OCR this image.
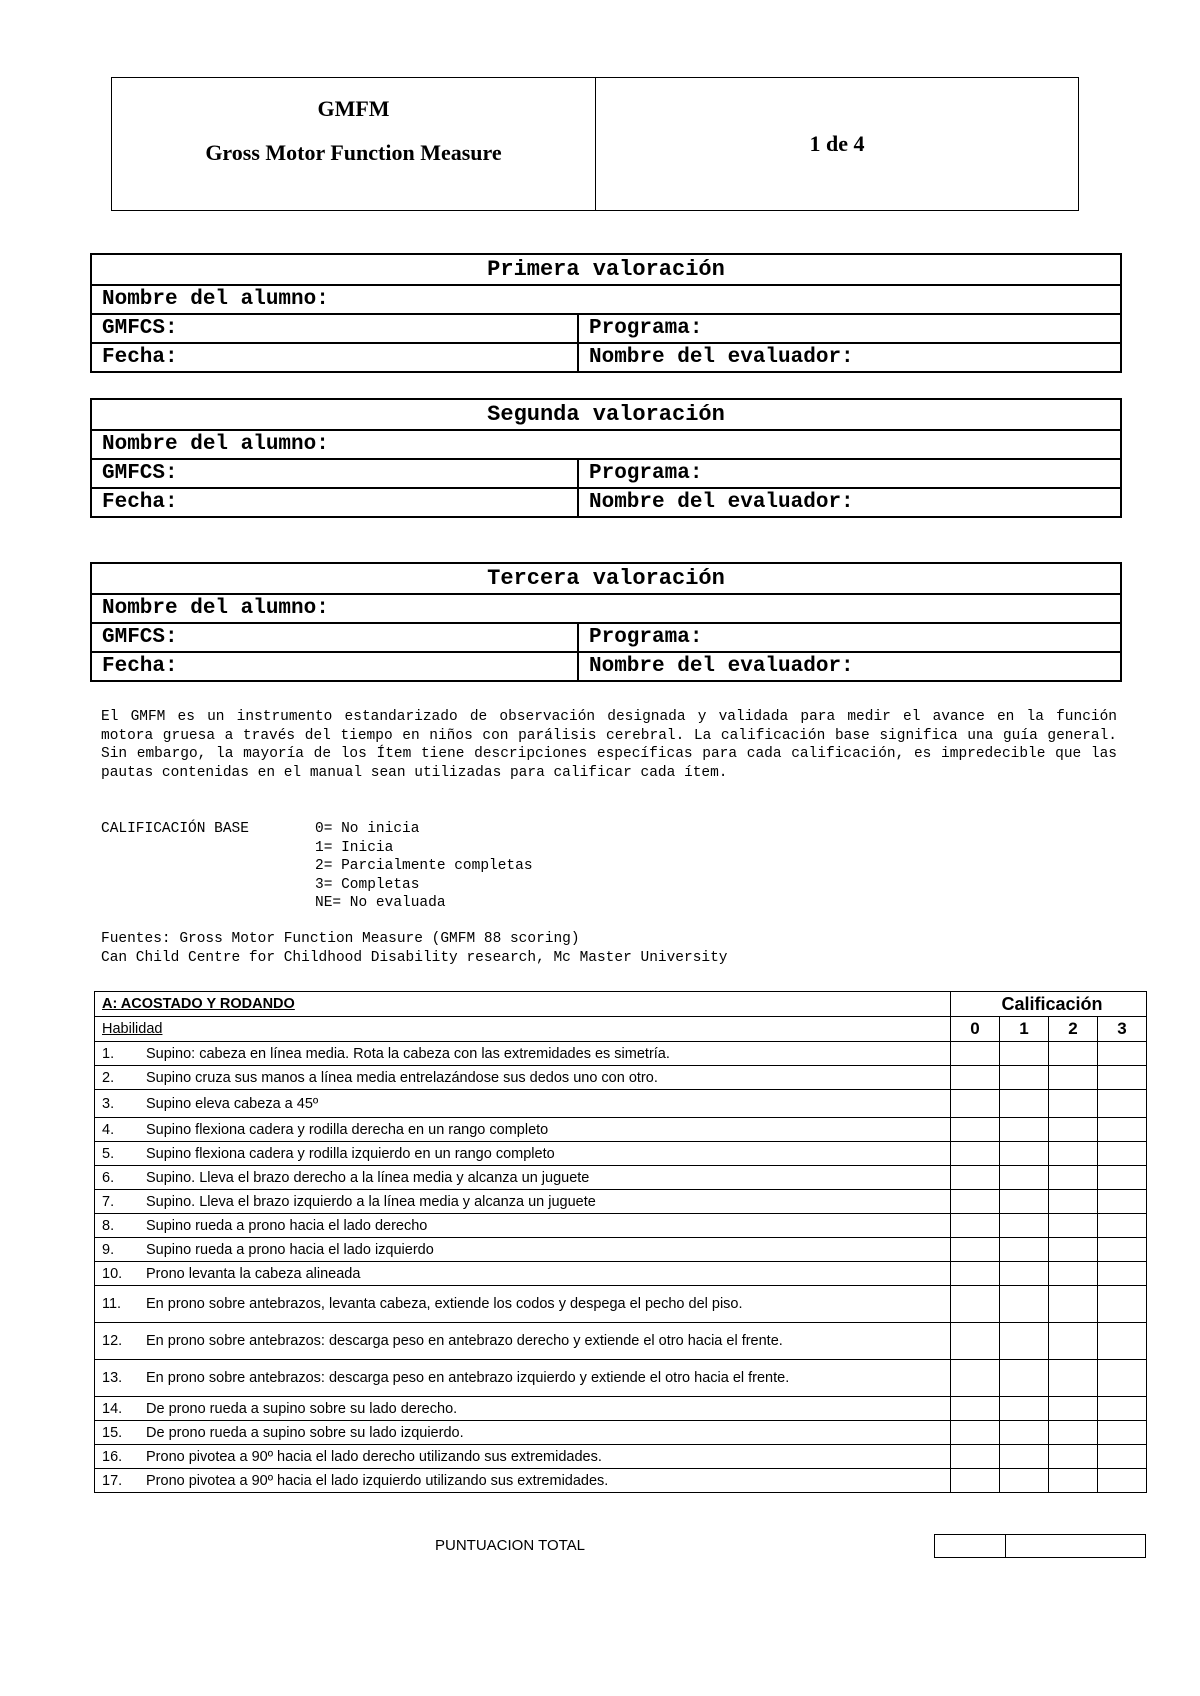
GMFM
Gross Motor Function Measure	1 de 4
Primera valoración	
Nombre del alumno:	
GMFCS:	Programa:
Fecha:	Nombre del evaluador:
Segunda valoración	
Nombre del alumno:	
GMFCS:	Programa:
Fecha:	Nombre del evaluador:
Tercera valoración	
Nombre del alumno:	
GMFCS:	Programa:
Fecha:	Nombre del evaluador:
El GMFM es un instrumento estandarizado de observación designada y validada para medir el avance en la función motora gruesa a través del tiempo en niños con parálisis cerebral. La calificación base significa una guía general. Sin embargo, la mayoría de los Ítem tiene descripciones específicas para cada calificación, es impredecible que las pautas contenidas en el manual sean utilizadas para calificar cada ítem.
CALIFICACIÓN BASE	0= No inicia
1= Inicia
2= Parcialmente completas
3= Completas
NE= No evaluada
Fuentes: Gross Motor Function Measure (GMFM 88 scoring)
Can Child Centre for Childhood Disability research, Mc Master University
A: ACOSTADO Y RODANDO	Calificación			
Habilidad	0	1	2	3
1. Supino: cabeza en línea media. Rota la cabeza con las extremidades es simetría.				
2. Supino cruza sus manos a línea media entrelazándose sus dedos uno con otro.				
3. Supino eleva cabeza a 45º				
4. Supino flexiona cadera y rodilla derecha en un rango completo				
5. Supino flexiona cadera y rodilla izquierdo en un rango completo				
6. Supino. Lleva el brazo derecho a la línea media y alcanza un juguete				
7. Supino. Lleva el brazo izquierdo a la línea media y alcanza un juguete				
8. Supino rueda a prono hacia el lado derecho				
9. Supino rueda a prono hacia el lado izquierdo				
10. Prono levanta la cabeza alineada				
11. En prono sobre antebrazos, levanta cabeza, extiende los codos y despega el pecho del piso.				
12. En prono sobre antebrazos: descarga peso en antebrazo derecho y extiende el otro hacia el frente.				
13. En prono sobre antebrazos: descarga peso en antebrazo izquierdo y extiende el otro hacia el frente.				
14. De prono rueda a supino sobre su lado derecho.				
15. De prono rueda a supino sobre su lado izquierdo.				
16. Prono pivotea a 90º hacia el lado derecho utilizando sus extremidades.				
17. Prono pivotea a 90º hacia el lado izquierdo utilizando sus extremidades.				
PUNTUACION TOTAL
